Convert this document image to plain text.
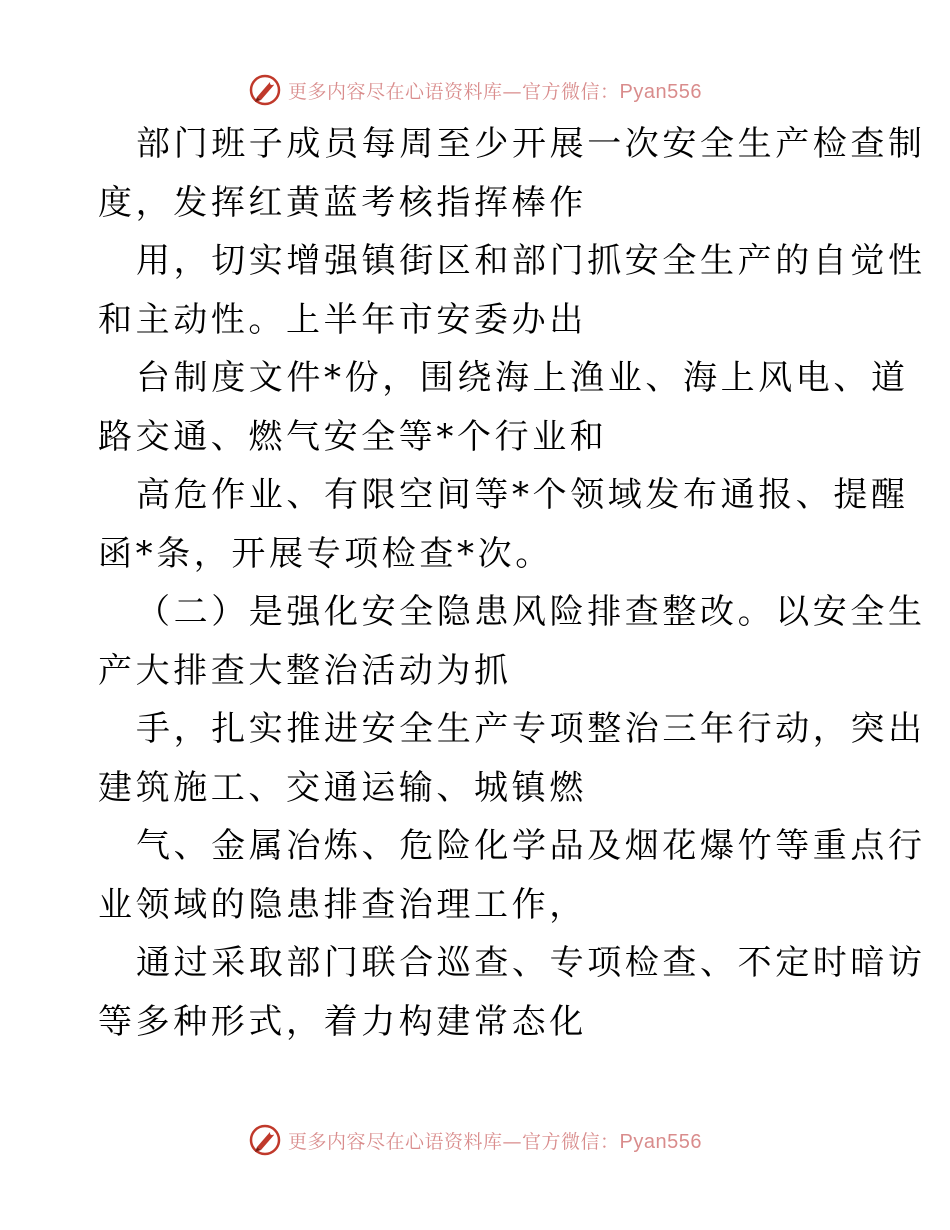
更多内容尽在心语资料库—官方微信：Pyan556
部门班子成员每周至少开展一次安全生产检查制
度，发挥红黄蓝考核指挥棒作
用，切实增强镇街区和部门抓安全生产的自觉性
和主动性。上半年市安委办出
台制度文件*份，围绕海上渔业、海上风电、道
路交通、燃气安全等*个行业和
高危作业、有限空间等*个领域发布通报、提醒
函*条，开展专项检查*次。
（二）是强化安全隐患风险排查整改。以安全生
产大排查大整治活动为抓
手，扎实推进安全生产专项整治三年行动，突出
建筑施工、交通运输、城镇燃
气、金属冶炼、危险化学品及烟花爆竹等重点行
业领域的隐患排查治理工作，
通过采取部门联合巡查、专项检查、不定时暗访
等多种形式，着力构建常态化
更多内容尽在心语资料库—官方微信：Pyan556
